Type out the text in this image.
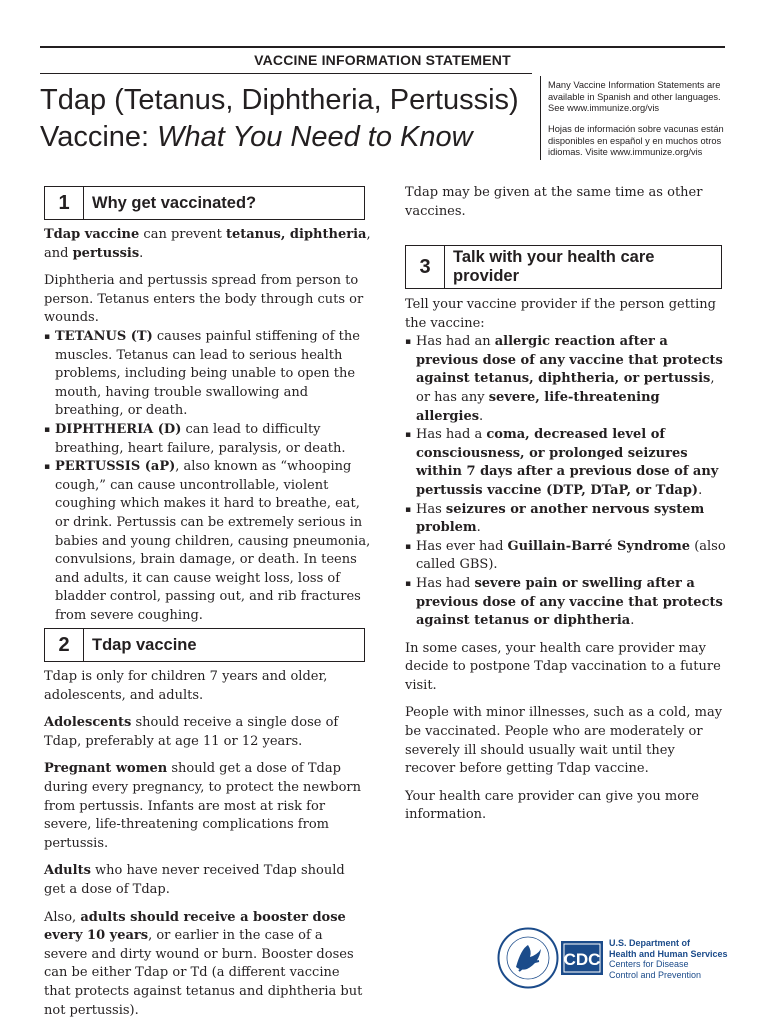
VACCINE INFORMATION STATEMENT
Tdap (Tetanus, Diphtheria, Pertussis)
Vaccine: What You Need to Know
Many Vaccine Information Statements are available in Spanish and other languages. See www.immunize.org/vis
Hojas de información sobre vacunas están disponibles en español y en muchos otros idiomas. Visite www.immunize.org/vis
1	Why get vaccinated?

Tdap vaccine can prevent tetanus, diphtheria, and pertussis.

Diphtheria and pertussis spread from person to person. Tetanus enters the body through cuts or wounds.

▪ TETANUS (T) causes painful stiffening of the muscles. Tetanus can lead to serious health problems, including being unable to open the mouth, having trouble swallowing and breathing, or death.
▪ DIPHTHERIA (D) can lead to difficulty breathing, heart failure, paralysis, or death.
▪ PERTUSSIS (aP), also known as “whooping cough,” can cause uncontrollable, violent coughing which makes it hard to breathe, eat, or drink. Pertussis can be extremely serious in babies and young children, causing pneumonia, convulsions, brain damage, or death. In teens and adults, it can cause weight loss, loss of bladder control, passing out, and rib fractures from severe coughing.
2	Tdap vaccine

Tdap is only for children 7 years and older, adolescents, and adults.

Adolescents should receive a single dose of Tdap, preferably at age 11 or 12 years.

Pregnant women should get a dose of Tdap during every pregnancy, to protect the newborn from pertussis. Infants are most at risk for severe, life-threatening complications from pertussis.

Adults who have never received Tdap should get a dose of Tdap.

Also, adults should receive a booster dose every 10 years, or earlier in the case of a severe and dirty wound or burn. Booster doses can be either Tdap or Td (a different vaccine that protects against tetanus and diphtheria but not pertussis).

Tdap may be given at the same time as other vaccines.

3	Talk with your health care provider

Tell your vaccine provider if the person getting the vaccine:

▪ Has had an allergic reaction after a previous dose of any vaccine that protects against tetanus, diphtheria, or pertussis, or has any severe, life-threatening allergies.
▪ Has had a coma, decreased level of consciousness, or prolonged seizures within 7 days after a previous dose of any pertussis vaccine (DTP, DTaP, or Tdap).
▪ Has seizures or another nervous system problem.
▪ Has ever had Guillain-Barré Syndrome (also called GBS).
▪ Has had severe pain or swelling after a previous dose of any vaccine that protects against tetanus or diphtheria.

In some cases, your health care provider may decide to postpone Tdap vaccination to a future visit.

People with minor illnesses, such as a cold, may be vaccinated. People who are moderately or severely ill should usually wait until they recover before getting Tdap vaccine.

Your health care provider can give you more information.

CDC
U.S. Department of
Health and Human Services
Centers for Disease
Control and Prevention
